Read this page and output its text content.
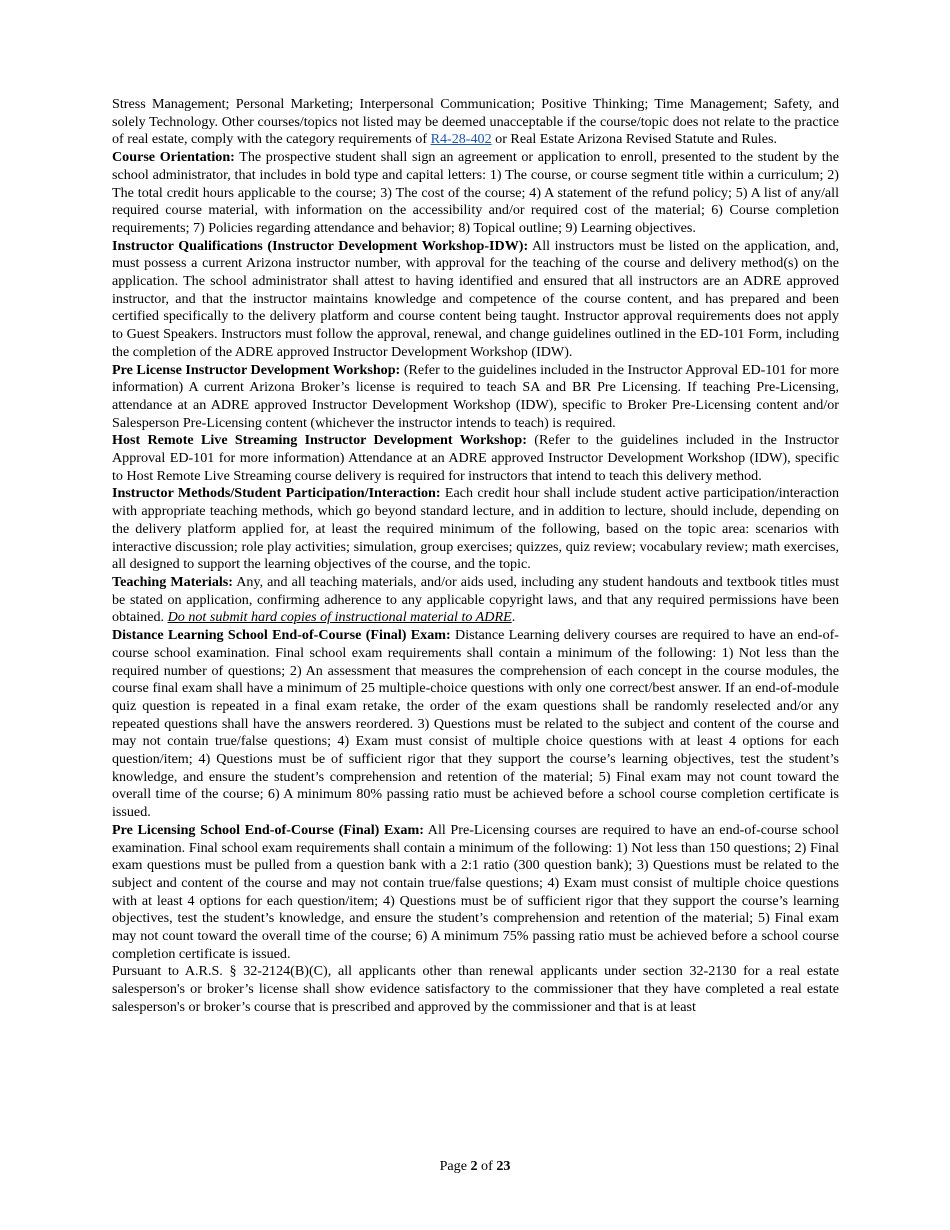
Stress Management; Personal Marketing; Interpersonal Communication; Positive Thinking; Time Management; Safety, and solely Technology. Other courses/topics not listed may be deemed unacceptable if the course/topic does not relate to the practice of real estate, comply with the category requirements of R4-28-402 or Real Estate Arizona Revised Statute and Rules.

Course Orientation: The prospective student shall sign an agreement or application to enroll, presented to the student by the school administrator, that includes in bold type and capital letters: 1) The course, or course segment title within a curriculum; 2) The total credit hours applicable to the course; 3) The cost of the course; 4) A statement of the refund policy; 5) A list of any/all required course material, with information on the accessibility and/or required cost of the material; 6) Course completion requirements; 7) Policies regarding attendance and behavior; 8) Topical outline; 9) Learning objectives.

Instructor Qualifications (Instructor Development Workshop-IDW): All instructors must be listed on the application, and, must possess a current Arizona instructor number, with approval for the teaching of the course and delivery method(s) on the application. The school administrator shall attest to having identified and ensured that all instructors are an ADRE approved instructor, and that the instructor maintains knowledge and competence of the course content, and has prepared and been certified specifically to the delivery platform and course content being taught. Instructor approval requirements does not apply to Guest Speakers. Instructors must follow the approval, renewal, and change guidelines outlined in the ED-101 Form, including the completion of the ADRE approved Instructor Development Workshop (IDW).

Pre License Instructor Development Workshop: (Refer to the guidelines included in the Instructor Approval ED-101 for more information) A current Arizona Broker’s license is required to teach SA and BR Pre Licensing. If teaching Pre-Licensing, attendance at an ADRE approved Instructor Development Workshop (IDW), specific to Broker Pre-Licensing content and/or Salesperson Pre-Licensing content (whichever the instructor intends to teach) is required.

Host Remote Live Streaming Instructor Development Workshop: (Refer to the guidelines included in the Instructor Approval ED-101 for more information) Attendance at an ADRE approved Instructor Development Workshop (IDW), specific to Host Remote Live Streaming course delivery is required for instructors that intend to teach this delivery method.

Instructor Methods/Student Participation/Interaction: Each credit hour shall include student active participation/interaction with appropriate teaching methods, which go beyond standard lecture, and in addition to lecture, should include, depending on the delivery platform applied for, at least the required minimum of the following, based on the topic area: scenarios with interactive discussion; role play activities; simulation, group exercises; quizzes, quiz review; vocabulary review; math exercises, all designed to support the learning objectives of the course, and the topic.

Teaching Materials: Any, and all teaching materials, and/or aids used, including any student handouts and textbook titles must be stated on application, confirming adherence to any applicable copyright laws, and that any required permissions have been obtained. Do not submit hard copies of instructional material to ADRE.

Distance Learning School End-of-Course (Final) Exam: Distance Learning delivery courses are required to have an end-of-course school examination. Final school exam requirements shall contain a minimum of the following: 1) Not less than the required number of questions; 2) An assessment that measures the comprehension of each concept in the course modules, the course final exam shall have a minimum of 25 multiple-choice questions with only one correct/best answer. If an end-of-module quiz question is repeated in a final exam retake, the order of the exam questions shall be randomly reselected and/or any repeated questions shall have the answers reordered. 3) Questions must be related to the subject and content of the course and may not contain true/false questions; 4) Exam must consist of multiple choice questions with at least 4 options for each question/item; 4) Questions must be of sufficient rigor that they support the course’s learning objectives, test the student’s knowledge, and ensure the student’s comprehension and retention of the material; 5) Final exam may not count toward the overall time of the course; 6) A minimum 80% passing ratio must be achieved before a school course completion certificate is issued.

Pre Licensing School End-of-Course (Final) Exam: All Pre-Licensing courses are required to have an end-of-course school examination. Final school exam requirements shall contain a minimum of the following: 1) Not less than 150 questions; 2) Final exam questions must be pulled from a question bank with a 2:1 ratio (300 question bank); 3) Questions must be related to the subject and content of the course and may not contain true/false questions; 4) Exam must consist of multiple choice questions with at least 4 options for each question/item; 4) Questions must be of sufficient rigor that they support the course’s learning objectives, test the student’s knowledge, and ensure the student’s comprehension and retention of the material; 5) Final exam may not count toward the overall time of the course; 6) A minimum 75% passing ratio must be achieved before a school course completion certificate is issued.

Pursuant to A.R.S. § 32-2124(B)(C), all applicants other than renewal applicants under section 32-2130 for a real estate salesperson's or broker’s license shall show evidence satisfactory to the commissioner that they have completed a real estate salesperson's or broker’s course that is prescribed and approved by the commissioner and that is at least

Page 2 of 23
